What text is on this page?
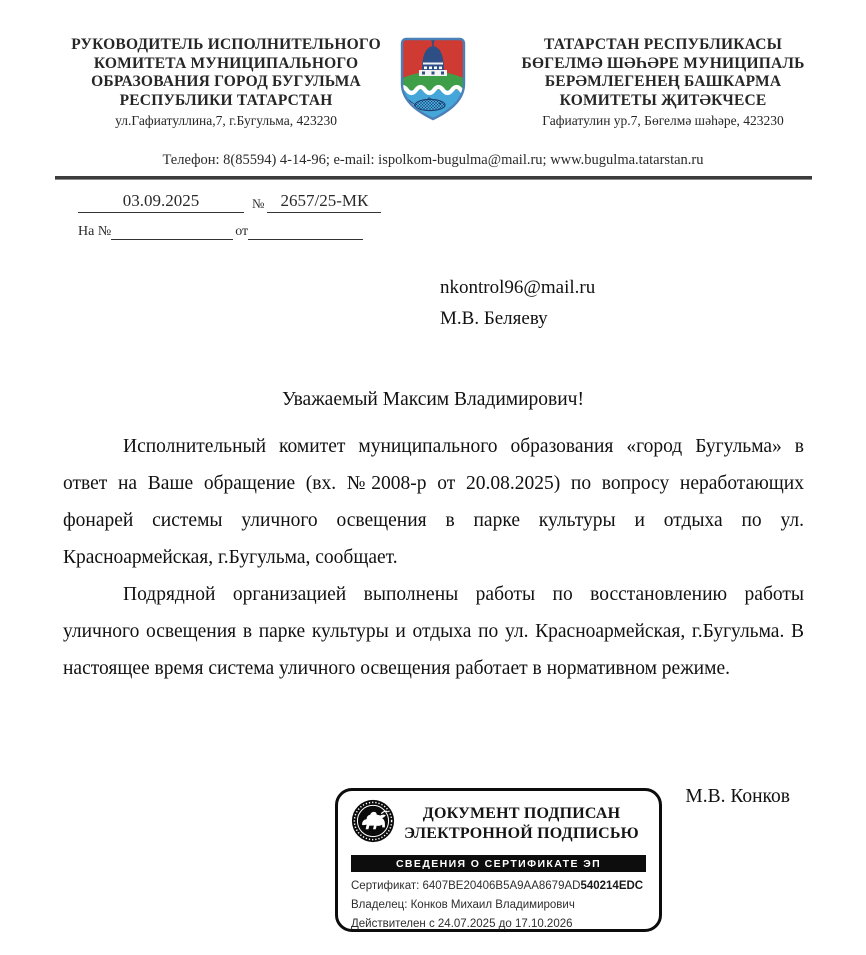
РУКОВОДИТЕЛЬ ИСПОЛНИТЕЛЬНОГО
КОМИТЕТА МУНИЦИПАЛЬНОГО
ОБРАЗОВАНИЯ ГОРОД БУГУЛЬМА
РЕСПУБЛИКИ ТАТАРСТАН
ул.Гафиатуллина,7, г.Бугульма, 423230
ТАТАРСТАН РЕСПУБЛИКАСЫ
БӨГЕЛМӘ ШӘҺӘРЕ МУНИЦИПАЛЬ
БЕРӘМЛЕГЕНЕҢ БАШКАРМА
КОМИТЕТЫ ҖИТӘКЧЕСЕ
Гафиатулин ур.7, Бөгелмә шәһәре, 423230
Телефон: 8(85594) 4-14-96; e-mail: ispolkom-bugulma@mail.ru; www.bugulma.tatarstan.ru
03.09.2025	№ 2657/25-МК
На №	от
nkontrol96@mail.ru
М.В. Беляеву
Уважаемый Максим Владимирович!

Исполнительный комитет муниципального образования «город Бугульма» в ответ на Ваше обращение (вх. №2008-р от 20.08.2025) по вопросу неработающих фонарей системы уличного освещения в парке культуры и отдыха по ул. Красноармейская, г.Бугульма, сообщает.

Подрядной организацией выполнены работы по восстановлению работы уличного освещения в парке культуры и отдыха по ул. Красноармейская, г.Бугульма. В настоящее время система уличного освещения работает в нормативном режиме.

М.В. Конков
ДОКУМЕНТ ПОДПИСАН
ЭЛЕКТРОННОЙ ПОДПИСЬЮ
СВЕДЕНИЯ О СЕРТИФИКАТЕ ЭП
Сертификат: 6407BE20406B5A9AA8679AD540214EDC
Владелец: Конков Михаил Владимирович
Действителен с 24.07.2025 до 17.10.2026
